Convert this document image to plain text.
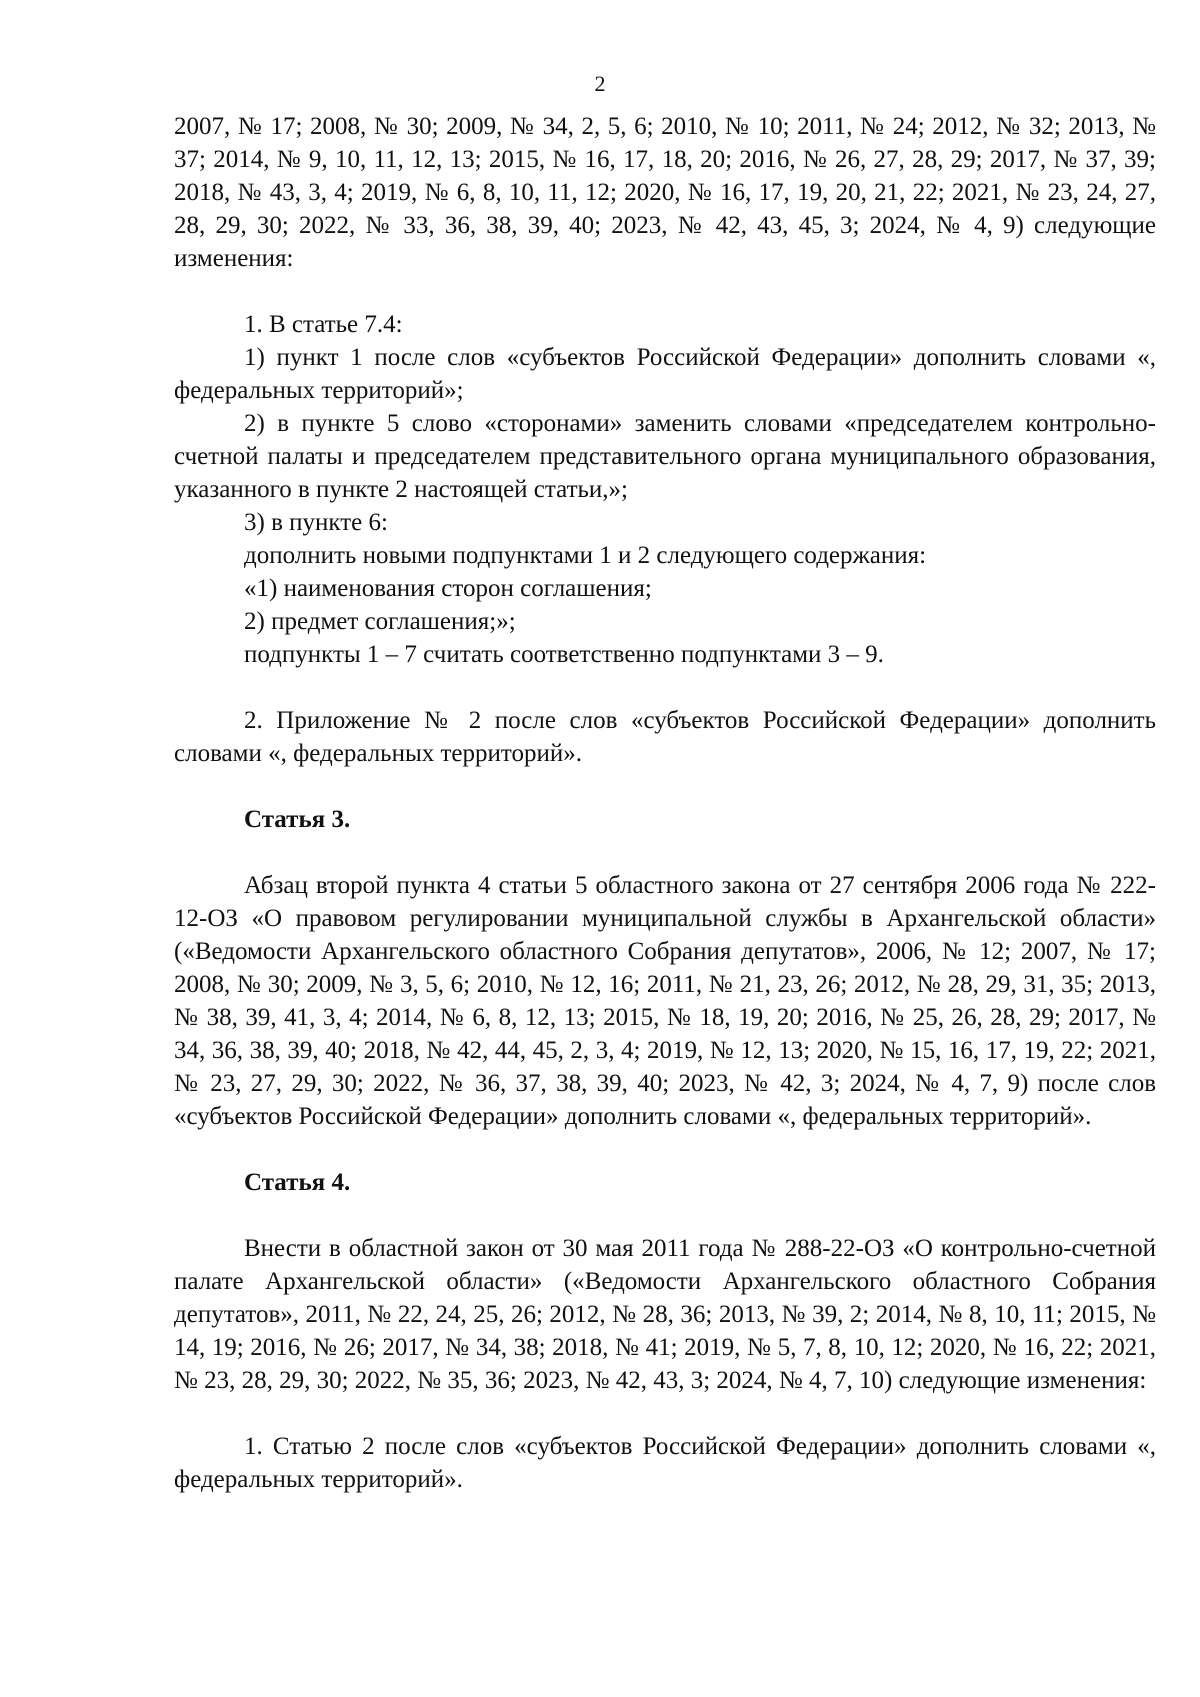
2

2007, № 17; 2008, № 30; 2009, № 34, 2, 5, 6; 2010, № 10; 2011, № 24; 2012, № 32; 2013, № 37; 2014, № 9, 10, 11, 12, 13; 2015, № 16, 17, 18, 20; 2016, № 26, 27, 28, 29; 2017, № 37, 39; 2018, № 43, 3, 4; 2019, № 6, 8, 10, 11, 12; 2020, № 16, 17, 19, 20, 21, 22; 2021, № 23, 24, 27, 28, 29, 30; 2022, № 33, 36, 38, 39, 40; 2023, № 42, 43, 45, 3; 2024, № 4, 9) следующие изменения:

1. В статье 7.4:

1) пункт 1 после слов «субъектов Российской Федерации» дополнить словами «, федеральных территорий»;

2) в пункте 5 слово «сторонами» заменить словами «председателем контрольно-счетной палаты и председателем представительного органа муниципального образования, указанного в пункте 2 настоящей статьи,»;

3) в пункте 6:

дополнить новыми подпунктами 1 и 2 следующего содержания:

«1) наименования сторон соглашения;

2) предмет соглашения;»;

подпункты 1 – 7 считать соответственно подпунктами 3 – 9.

2. Приложение № 2 после слов «субъектов Российской Федерации» дополнить словами «, федеральных территорий».

Статья 3.

Абзац второй пункта 4 статьи 5 областного закона от 27 сентября 2006 года № 222-12-ОЗ «О правовом регулировании муниципальной службы в Архангельской области» («Ведомости Архангельского областного Собрания депутатов», 2006, № 12; 2007, № 17; 2008, № 30; 2009, № 3, 5, 6; 2010, № 12, 16; 2011, № 21, 23, 26; 2012, № 28, 29, 31, 35; 2013, № 38, 39, 41, 3, 4; 2014, № 6, 8, 12, 13; 2015, № 18, 19, 20; 2016, № 25, 26, 28, 29; 2017, № 34, 36, 38, 39, 40; 2018, № 42, 44, 45, 2, 3, 4; 2019, № 12, 13; 2020, № 15, 16, 17, 19, 22; 2021, № 23, 27, 29, 30; 2022, № 36, 37, 38, 39, 40; 2023, № 42, 3; 2024, № 4, 7, 9) после слов «субъектов Российской Федерации» дополнить словами «, федеральных территорий».

Статья 4.

Внести в областной закон от 30 мая 2011 года № 288-22-ОЗ «О контрольно-счетной палате Архангельской области» («Ведомости Архангельского областного Собрания депутатов», 2011, № 22, 24, 25, 26; 2012, № 28, 36; 2013, № 39, 2; 2014, № 8, 10, 11; 2015, № 14, 19; 2016, № 26; 2017, № 34, 38; 2018, № 41; 2019, № 5, 7, 8, 10, 12; 2020, № 16, 22; 2021, № 23, 28, 29, 30; 2022, № 35, 36; 2023, № 42, 43, 3; 2024, № 4, 7, 10) следующие изменения:

1. Статью 2 после слов «субъектов Российской Федерации» дополнить словами «, федеральных территорий».
